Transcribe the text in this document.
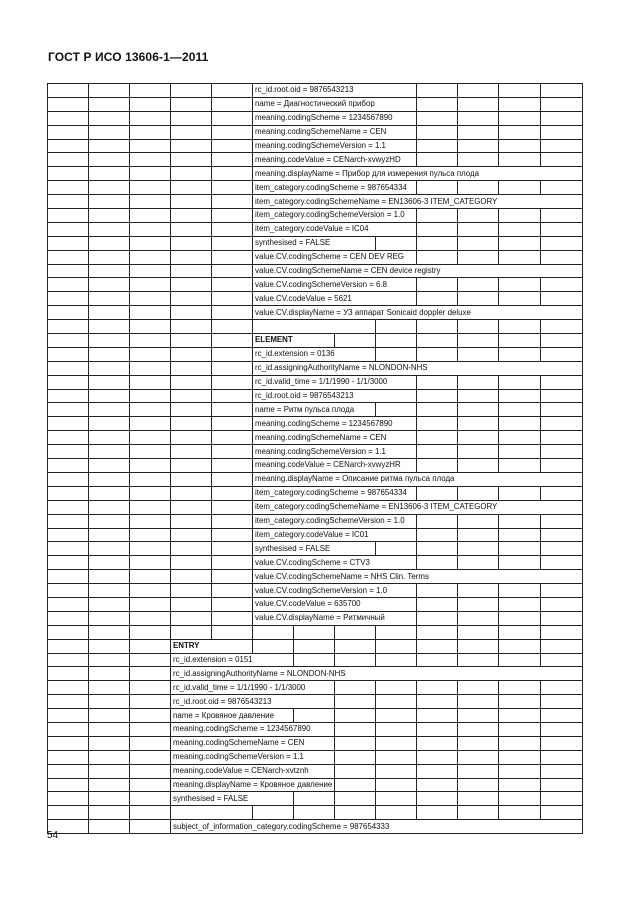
ГОСТ Р ИСО 13606-1—2011
					rc_id.root.oid = 9876543213							
					name = Диагностический прибор							
					meaning.codingScheme = 1234567890							
					meaning.codingSchemeName = CEN							
					meaning.codingSchemeVersion = 1.1							
					meaning.codeValue = CENarch-xvwyzHD							
					meaning.displayName = Прибор для измерения пульса плода							
					item_category.codingScheme = 987654334							
					item_category.codingSchemeName = EN13606-3 ITEM_CATEGORY							
					item_category.codingSchemeVersion = 1.0							
					item_category.codeValue = IC04							
					synthesised = FALSE							
					value.CV.codingScheme = CEN DEV REG							
					value.CV.codingSchemeName = CEN device registry							
					value.CV.codingSchemeVersion = 6.8							
					value.CV.codeValue = 5621							
					value.CV.displayName = УЗ аппарат Sonicaid doppler deluxe							

					ELEMENT							
					rc_id.extension = 0136							
					rc_id.assigningAuthorityName = NLONDON-NHS							
					rc_id.valid_time = 1/1/1990 - 1/1/3000							
					rc_id.root.oid = 9876543213							
					name = Ритм пульса плода							
					meaning.codingScheme = 1234567890							
					meaning.codingSchemeName = CEN							
					meaning.codingSchemeVersion = 1.1							
					meaning.codeValue = CENarch-xvwyzHR							
					meaning.displayName = Описание ритма пульса плода							
					item_category.codingScheme = 987654334							
					item_category.codingSchemeName = EN13606-3 ITEM_CATEGORY							
					item_category.codingSchemeVersion = 1.0							
					item_category.codeValue = IC01							
					synthesised = FALSE							
					value.CV.codingScheme = CTV3							
					value.CV.codingSchemeName = NHS Clin. Terms							
					value.CV.codingSchemeVersion = 1.0							
					value.CV.codeValue = 635700							
					value.CV.displayName = Ритмичный							

			ENTRY									
			rc_id.extension = 0151									
			rc_id.assigningAuthorityName = NLONDON-NHS									
			rc_id.valid_time = 1/1/1990 - 1/1/3000									
			rc_id.root.oid = 9876543213									
			name = Кровяное давление									
			meaning.codingScheme = 1234567890									
			meaning.codingSchemeName = CEN									
			meaning.codingSchemeVersion = 1.1									
			meaning.codeValue = CENarch-xvtznh									
			meaning.displayName = Кровяное давление									
			synthesised = FALSE									

			subject_of_information_category.codingScheme = 987654333									
54
